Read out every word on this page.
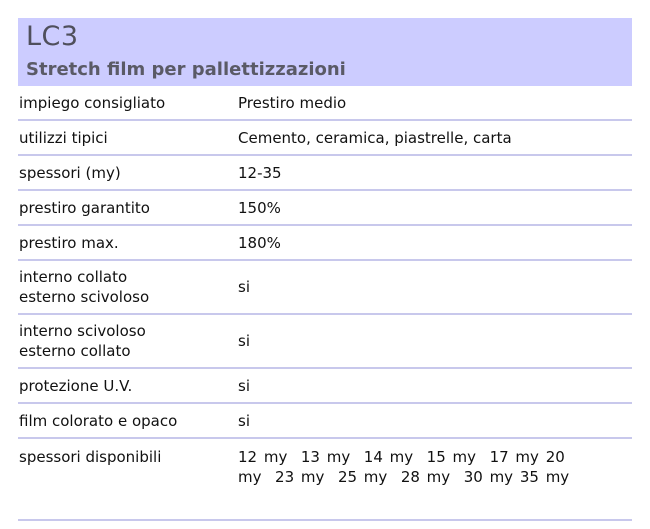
LC3
Stretch film per pallettizzazioni
impiego consigliato	Prestiro medio
utilizzi tipici	Cemento, ceramica, piastrelle, carta
spessori (my)	12-35
prestiro garantito	150%
prestiro max.	180%

interno collato
esterno scivoloso	si

interno scivoloso
esterno collato	si
protezione U.V.	si
film colorato e opaco	si
spessori disponibili	12 my 13 my 14 my 15 my 17 my 20 my 23 my 25 my 28 my 30 my 35 my
